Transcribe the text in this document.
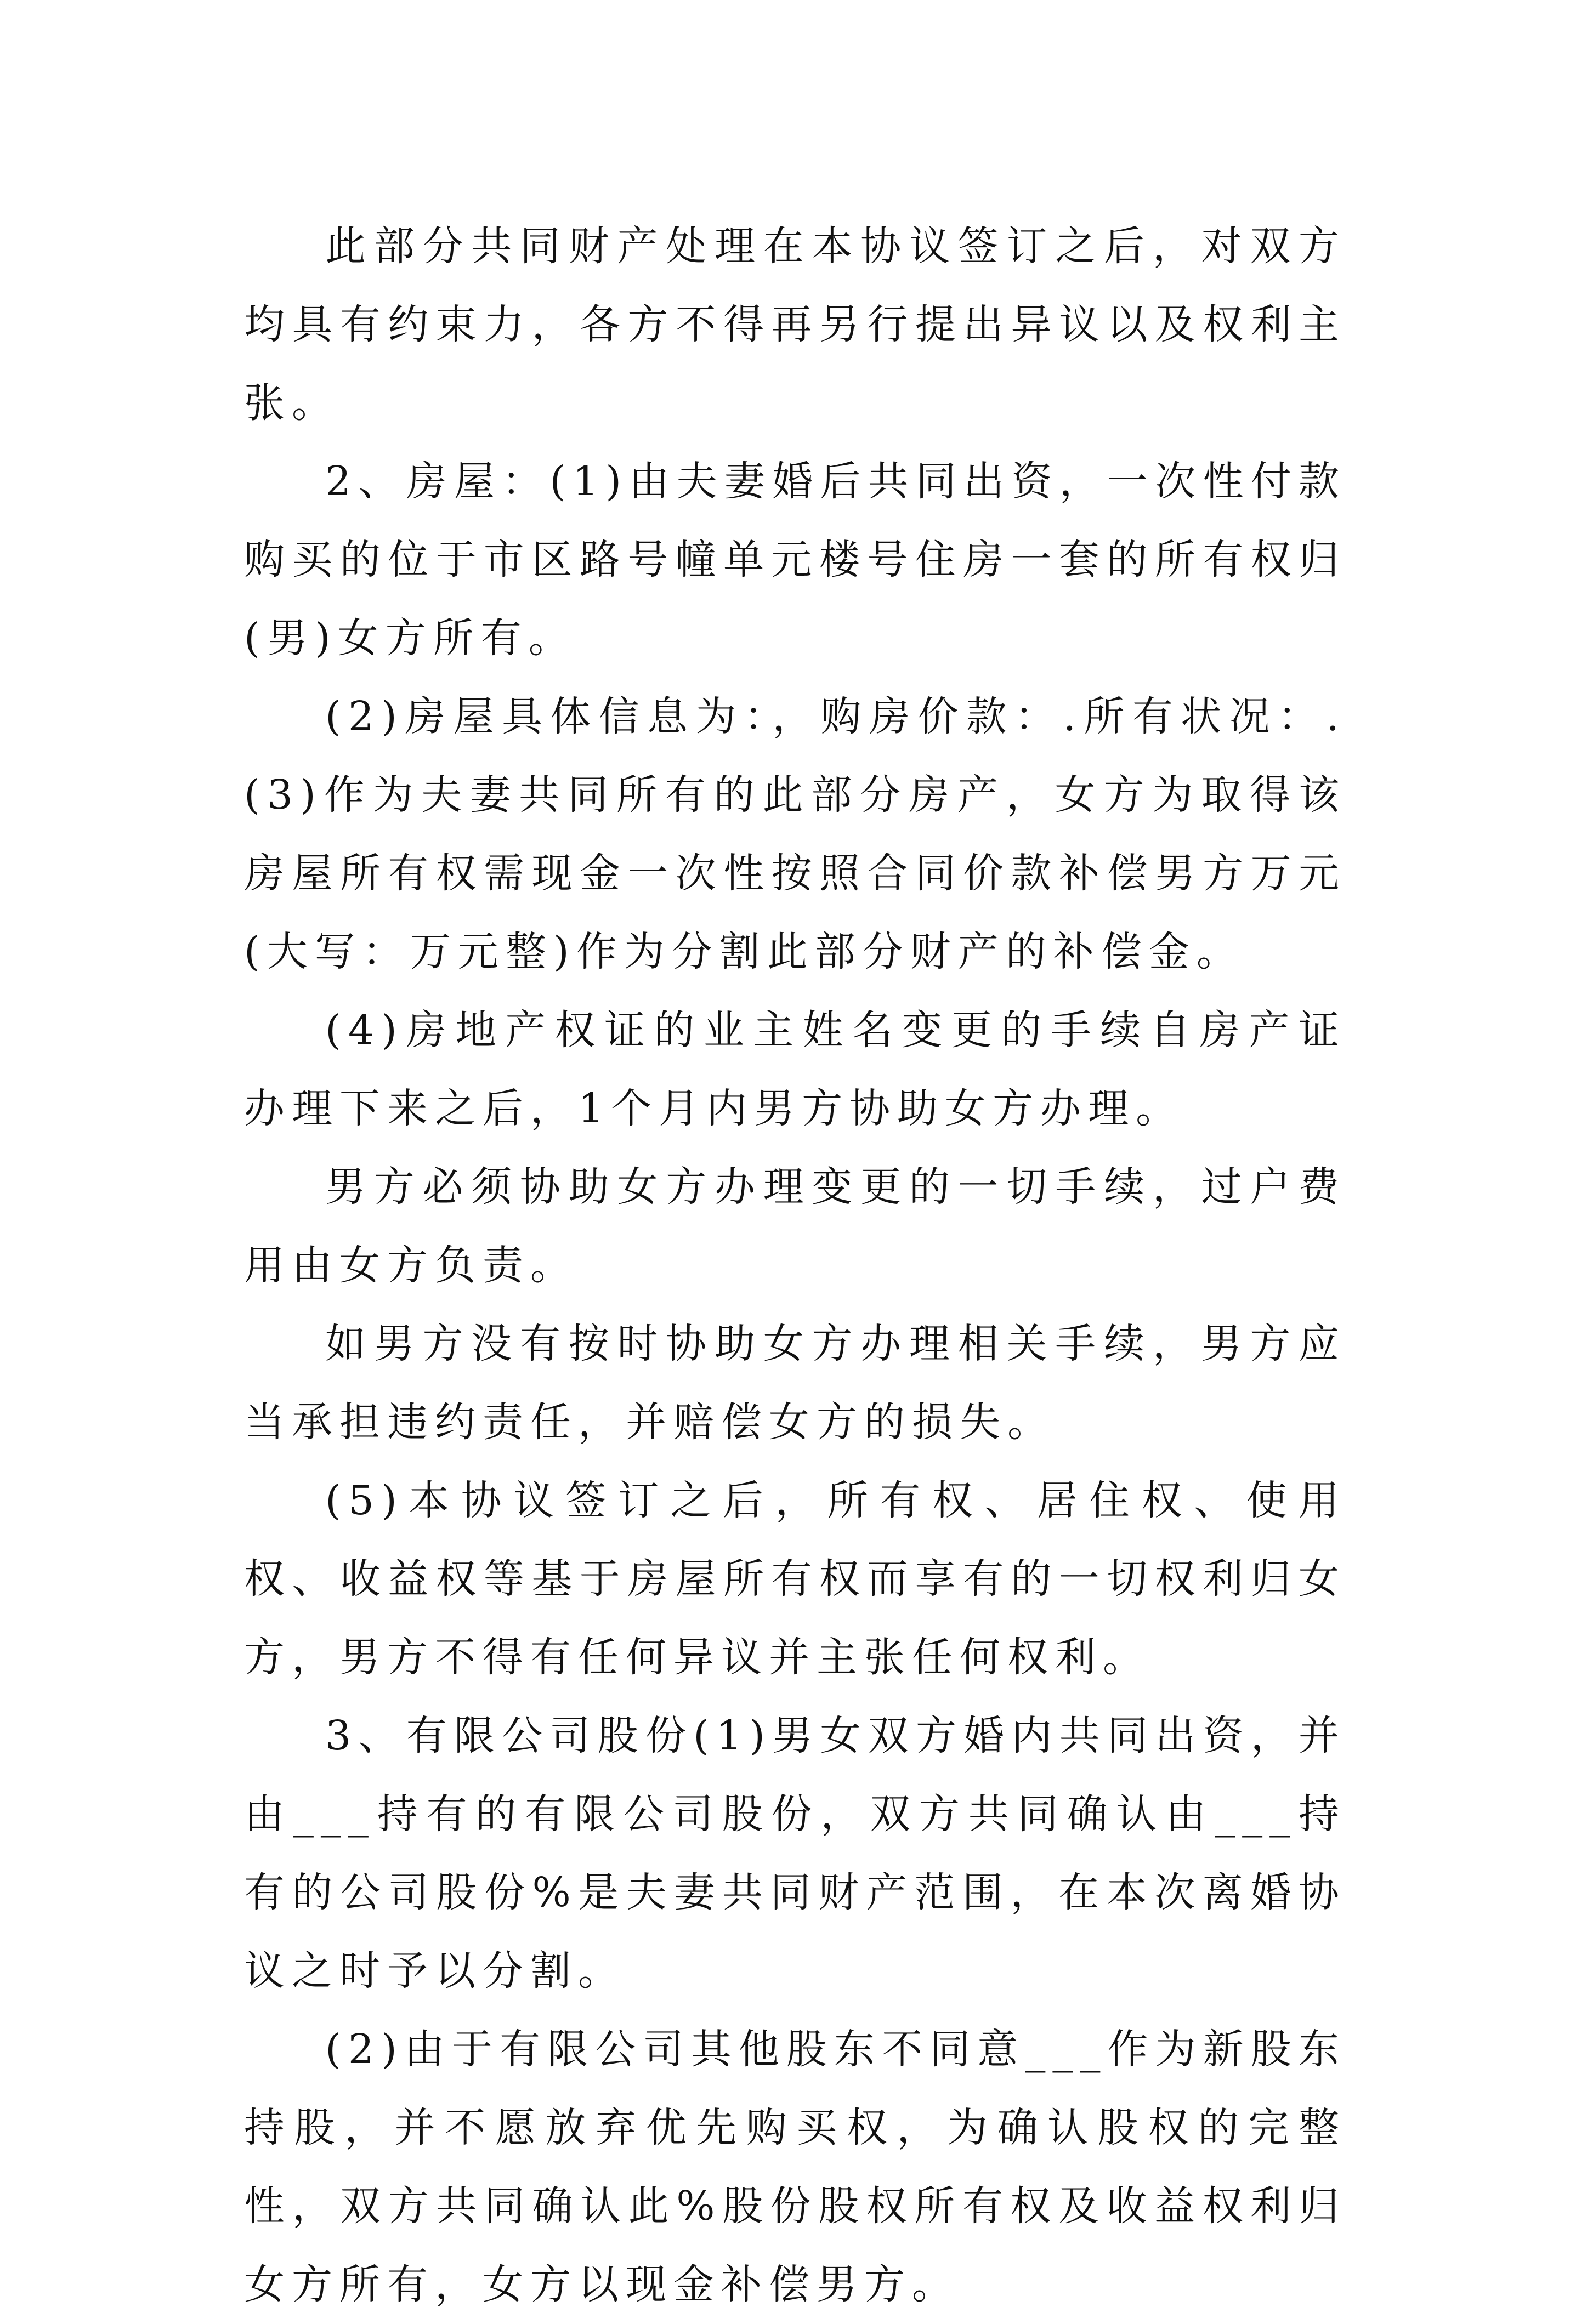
此部分共同财产处理在本协议签订之后，对双方均具有约束力，各方不得再另行提出异议以及权利主张。

2、房屋：(1)由夫妻婚后共同出资，一次性付款购买的位于市区路号幢单元楼号住房一套的所有权归(男)女方所有。

(2)房屋具体信息为：，购房价款：.所有状况：.(3)作为夫妻共同所有的此部分房产，女方为取得该房屋所有权需现金一次性按照合同价款补偿男方万元(大写：万元整)作为分割此部分财产的补偿金。

(4)房地产权证的业主姓名变更的手续自房产证办理下来之后，1个月内男方协助女方办理。

男方必须协助女方办理变更的一切手续，过户费用由女方负责。

如男方没有按时协助女方办理相关手续，男方应当承担违约责任，并赔偿女方的损失。

(5)本协议签订之后，所有权、居住权、使用权、收益权等基于房屋所有权而享有的一切权利归女方，男方不得有任何异议并主张任何权利。

3、有限公司股份(1)男女双方婚内共同出资，并由___持有的有限公司股份，双方共同确认由___持有的公司股份%是夫妻共同财产范围，在本次离婚协议之时予以分割。

(2)由于有限公司其他股东不同意___作为新股东持股，并不愿放弃优先购买权，为确认股权的完整性，双方共同确认此%股份股权所有权及收益权利归女方所有，女方以现金补偿男方。
